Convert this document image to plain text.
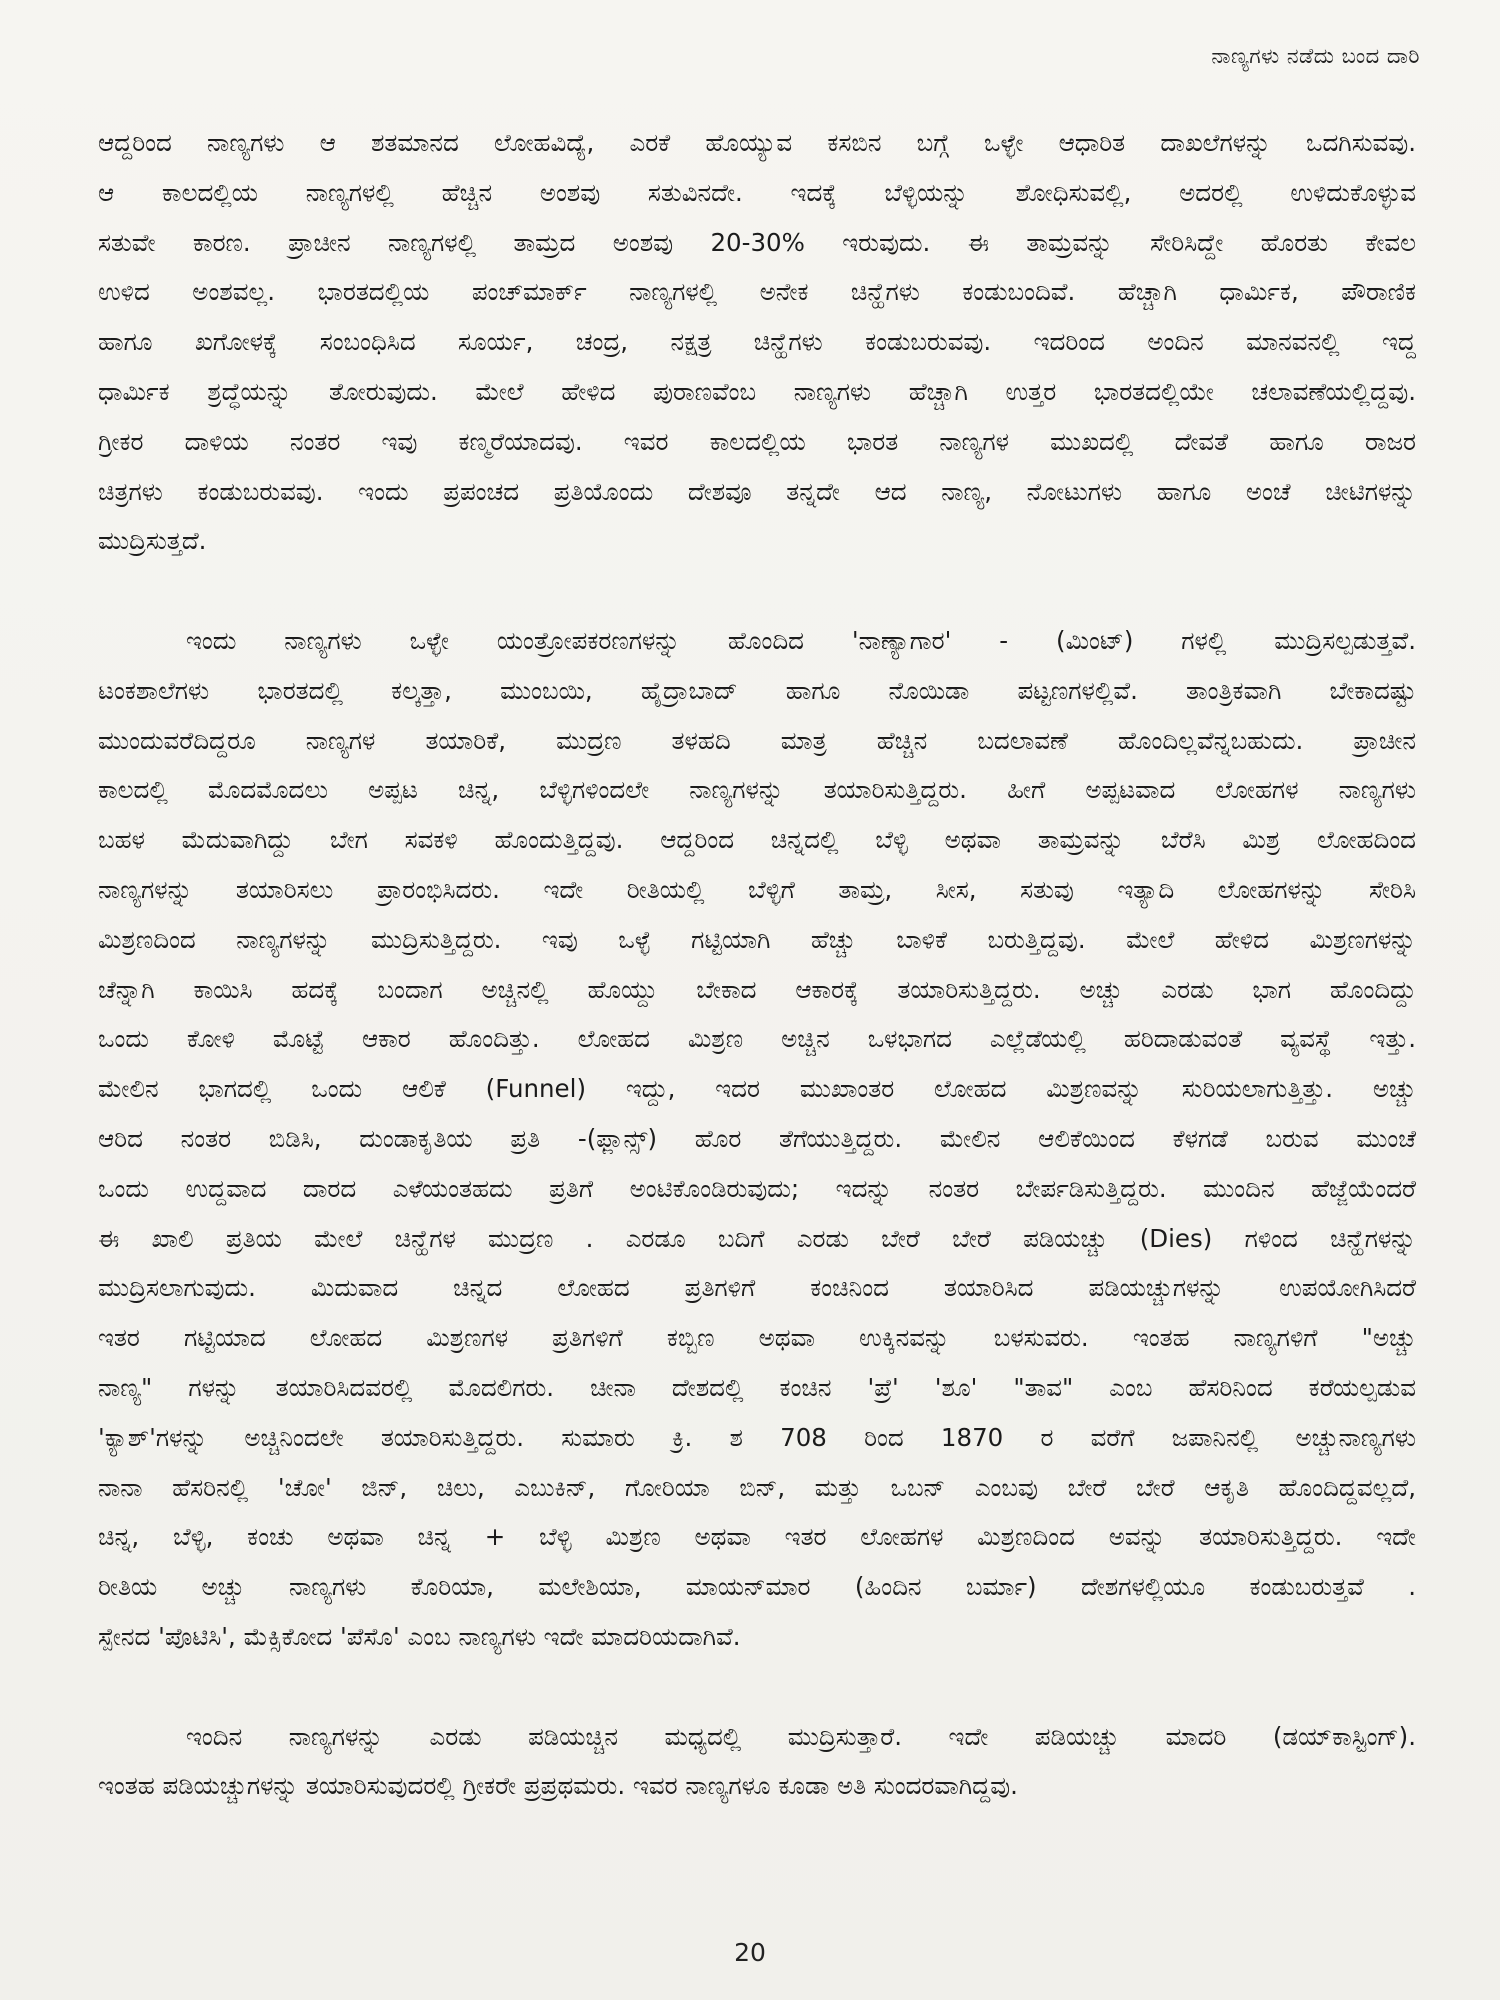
ನಾಣ್ಯಗಳು ನಡೆದು ಬಂದ ದಾರಿ
ಆದ್ದರಿಂದ ನಾಣ್ಯಗಳು ಆ ಶತಮಾನದ ಲೋಹವಿದ್ಯೆ, ಎರಕೆ ಹೊಯ್ಯುವ ಕಸಬಿನ ಬಗ್ಗೆ ಒಳ್ಳೇ ಆಧಾರಿತ ದಾಖಲೆಗಳನ್ನು ಒದಗಿಸುವವು.
ಆ ಕಾಲದಲ್ಲಿಯ ನಾಣ್ಯಗಳಲ್ಲಿ ಹೆಚ್ಚಿನ ಅಂಶವು ಸತುವಿನದೇ. ಇದಕ್ಕೆ ಬೆಳ್ಳಿಯನ್ನು ಶೋಧಿಸುವಲ್ಲಿ, ಅದರಲ್ಲಿ ಉಳಿದುಕೊಳ್ಳುವ
ಸತುವೇ ಕಾರಣ. ಪ್ರಾಚೀನ ನಾಣ್ಯಗಳಲ್ಲಿ ತಾಮ್ರದ ಅಂಶವು 20-30% ಇರುವುದು. ಈ ತಾಮ್ರವನ್ನು ಸೇರಿಸಿದ್ದೇ ಹೊರತು ಕೇವಲ
ಉಳಿದ ಅಂಶವಲ್ಲ. ಭಾರತದಲ್ಲಿಯ ಪಂಚ್‌ಮಾರ್ಕ್ ನಾಣ್ಯಗಳಲ್ಲಿ ಅನೇಕ ಚಿನ್ಹೆಗಳು ಕಂಡುಬಂದಿವೆ. ಹೆಚ್ಚಾಗಿ ಧಾರ್ಮಿಕ, ಪೌರಾಣಿಕ
ಹಾಗೂ ಖಗೋಳಕ್ಕೆ ಸಂಬಂಧಿಸಿದ ಸೂರ್ಯ, ಚಂದ್ರ, ನಕ್ಷತ್ರ ಚಿನ್ಹೆಗಳು ಕಂಡುಬರುವವು. ಇದರಿಂದ ಅಂದಿನ ಮಾನವನಲ್ಲಿ ಇದ್ದ
ಧಾರ್ಮಿಕ ಶ್ರದ್ಧೆಯನ್ನು ತೋರುವುದು. ಮೇಲೆ ಹೇಳಿದ ಪುರಾಣವೆಂಬ ನಾಣ್ಯಗಳು ಹೆಚ್ಚಾಗಿ ಉತ್ತರ ಭಾರತದಲ್ಲಿಯೇ ಚಲಾವಣೆಯಲ್ಲಿದ್ದವು.
ಗ್ರೀಕರ ದಾಳಿಯ ನಂತರ ಇವು ಕಣ್ಮರೆಯಾದವು. ಇವರ ಕಾಲದಲ್ಲಿಯ ಭಾರತ ನಾಣ್ಯಗಳ ಮುಖದಲ್ಲಿ ದೇವತೆ ಹಾಗೂ ರಾಜರ
ಚಿತ್ರಗಳು ಕಂಡುಬರುವವು. ಇಂದು ಪ್ರಪಂಚದ ಪ್ರತಿಯೊಂದು ದೇಶವೂ ತನ್ನದೇ ಆದ ನಾಣ್ಯ, ನೋಟುಗಳು ಹಾಗೂ ಅಂಚೆ ಚೀಟಿಗಳನ್ನು
ಮುದ್ರಿಸುತ್ತದೆ.
ಇಂದು ನಾಣ್ಯಗಳು ಒಳ್ಳೇ ಯಂತ್ರೋಪಕರಣಗಳನ್ನು ಹೊಂದಿದ 'ನಾಣ್ಯಾಗಾರ' - (ಮಿಂಟ್) ಗಳಲ್ಲಿ ಮುದ್ರಿಸಲ್ಪಡುತ್ತವೆ.
ಟಂಕಶಾಲೆಗಳು ಭಾರತದಲ್ಲಿ ಕಲ್ಕತ್ತಾ, ಮುಂಬಯಿ, ಹೈದ್ರಾಬಾದ್ ಹಾಗೂ ನೊಯಿಡಾ ಪಟ್ಟಣಗಳಲ್ಲಿವೆ. ತಾಂತ್ರಿಕವಾಗಿ ಬೇಕಾದಷ್ಟು
ಮುಂದುವರೆದಿದ್ದರೂ ನಾಣ್ಯಗಳ ತಯಾರಿಕೆ, ಮುದ್ರಣ ತಳಹದಿ ಮಾತ್ರ ಹೆಚ್ಚಿನ ಬದಲಾವಣೆ ಹೊಂದಿಲ್ಲವೆನ್ನಬಹುದು. ಪ್ರಾಚೀನ
ಕಾಲದಲ್ಲಿ ಮೊದಮೊದಲು ಅಪ್ಪಟ ಚಿನ್ನ, ಬೆಳ್ಳಿಗಳಿಂದಲೇ ನಾಣ್ಯಗಳನ್ನು ತಯಾರಿಸುತ್ತಿದ್ದರು. ಹೀಗೆ ಅಪ್ಪಟವಾದ ಲೋಹಗಳ ನಾಣ್ಯಗಳು
ಬಹಳ ಮೆದುವಾಗಿದ್ದು ಬೇಗ ಸವಕಳಿ ಹೊಂದುತ್ತಿದ್ದವು. ಆದ್ದರಿಂದ ಚಿನ್ನದಲ್ಲಿ ಬೆಳ್ಳಿ ಅಥವಾ ತಾಮ್ರವನ್ನು ಬೆರೆಸಿ ಮಿಶ್ರ ಲೋಹದಿಂದ
ನಾಣ್ಯಗಳನ್ನು ತಯಾರಿಸಲು ಪ್ರಾರಂಭಿಸಿದರು. ಇದೇ ರೀತಿಯಲ್ಲಿ ಬೆಳ್ಳಿಗೆ ತಾಮ್ರ, ಸೀಸ, ಸತುವು ಇತ್ಯಾದಿ ಲೋಹಗಳನ್ನು ಸೇರಿಸಿ
ಮಿಶ್ರಣದಿಂದ ನಾಣ್ಯಗಳನ್ನು ಮುದ್ರಿಸುತ್ತಿದ್ದರು. ಇವು ಒಳ್ಳೆ ಗಟ್ಟಿಯಾಗಿ ಹೆಚ್ಚು ಬಾಳಿಕೆ ಬರುತ್ತಿದ್ದವು. ಮೇಲೆ ಹೇಳಿದ ಮಿಶ್ರಣಗಳನ್ನು
ಚೆನ್ನಾಗಿ ಕಾಯಿಸಿ ಹದಕ್ಕೆ ಬಂದಾಗ ಅಚ್ಚಿನಲ್ಲಿ ಹೊಯ್ದು ಬೇಕಾದ ಆಕಾರಕ್ಕೆ ತಯಾರಿಸುತ್ತಿದ್ದರು. ಅಚ್ಚು ಎರಡು ಭಾಗ ಹೊಂದಿದ್ದು
ಒಂದು ಕೋಳಿ ಮೊಟ್ಟೆ ಆಕಾರ ಹೊಂದಿತ್ತು. ಲೋಹದ ಮಿಶ್ರಣ ಅಚ್ಚಿನ ಒಳಭಾಗದ ಎಲ್ಲೆಡೆಯಲ್ಲಿ ಹರಿದಾಡುವಂತೆ ವ್ಯವಸ್ಥೆ ಇತ್ತು.
ಮೇಲಿನ ಭಾಗದಲ್ಲಿ ಒಂದು ಆಲಿಕೆ (Funnel) ಇದ್ದು, ಇದರ ಮುಖಾಂತರ ಲೋಹದ ಮಿಶ್ರಣವನ್ನು ಸುರಿಯಲಾಗುತ್ತಿತ್ತು. ಅಚ್ಚು
ಆರಿದ ನಂತರ ಬಿಡಿಸಿ, ದುಂಡಾಕೃತಿಯ ಪ್ರತಿ -(ಫ್ಲಾನ್ಸ್) ಹೊರ ತೆಗೆಯುತ್ತಿದ್ದರು. ಮೇಲಿನ ಆಲಿಕೆಯಿಂದ ಕೆಳಗಡೆ ಬರುವ ಮುಂಚೆ
ಒಂದು ಉದ್ದವಾದ ದಾರದ ಎಳೆಯಂತಹದು ಪ್ರತಿಗೆ ಅಂಟಿಕೊಂಡಿರುವುದು; ಇದನ್ನು ನಂತರ ಬೇರ್ಪಡಿಸುತ್ತಿದ್ದರು. ಮುಂದಿನ ಹೆಜ್ಜೆಯೆಂದರೆ
ಈ ಖಾಲಿ ಪ್ರತಿಯ ಮೇಲೆ ಚಿನ್ಹೆಗಳ ಮುದ್ರಣ . ಎರಡೂ ಬದಿಗೆ ಎರಡು ಬೇರೆ ಬೇರೆ ಪಡಿಯಚ್ಚು (Dies) ಗಳಿಂದ ಚಿನ್ಹೆಗಳನ್ನು
ಮುದ್ರಿಸಲಾಗುವುದು. ಮಿದುವಾದ ಚಿನ್ನದ ಲೋಹದ ಪ್ರತಿಗಳಿಗೆ ಕಂಚಿನಿಂದ ತಯಾರಿಸಿದ ಪಡಿಯಚ್ಚುಗಳನ್ನು ಉಪಯೋಗಿಸಿದರೆ
ಇತರ ಗಟ್ಟಿಯಾದ ಲೋಹದ ಮಿಶ್ರಣಗಳ ಪ್ರತಿಗಳಿಗೆ ಕಬ್ಬಿಣ ಅಥವಾ ಉಕ್ಕಿನವನ್ನು ಬಳಸುವರು. ಇಂತಹ ನಾಣ್ಯಗಳಿಗೆ "ಅಚ್ಚು
ನಾಣ್ಯ" ಗಳನ್ನು ತಯಾರಿಸಿದವರಲ್ಲಿ ಮೊದಲಿಗರು. ಚೀನಾ ದೇಶದಲ್ಲಿ ಕಂಚಿನ 'ಪ್ರೆ' 'ಶೂ' "ತಾವ" ಎಂಬ ಹೆಸರಿನಿಂದ ಕರೆಯಲ್ಪಡುವ
'ಕ್ಯಾಶ್'ಗಳನ್ನು ಅಚ್ಚಿನಿಂದಲೇ ತಯಾರಿಸುತ್ತಿದ್ದರು. ಸುಮಾರು ಕ್ರಿ. ಶ 708 ರಿಂದ 1870 ರ ವರೆಗೆ ಜಪಾನಿನಲ್ಲಿ ಅಚ್ಚುನಾಣ್ಯಗಳು
ನಾನಾ ಹೆಸರಿನಲ್ಲಿ 'ಚೋ' ಜಿನ್, ಚಿಲು, ಎಬುಕಿನ್, ಗೋರಿಯಾ ಬಿನ್, ಮತ್ತು ಒಬನ್ ಎಂಬವು ಬೇರೆ ಬೇರೆ ಆಕೃತಿ ಹೊಂದಿದ್ದವಲ್ಲದೆ,
ಚಿನ್ನ, ಬೆಳ್ಳಿ, ಕಂಚು ಅಥವಾ ಚಿನ್ನ + ಬೆಳ್ಳಿ ಮಿಶ್ರಣ ಅಥವಾ ಇತರ ಲೋಹಗಳ ಮಿಶ್ರಣದಿಂದ ಅವನ್ನು ತಯಾರಿಸುತ್ತಿದ್ದರು. ಇದೇ
ರೀತಿಯ ಅಚ್ಚು ನಾಣ್ಯಗಳು ಕೊರಿಯಾ, ಮಲೇಶಿಯಾ, ಮಾಯನ್‌ಮಾರ (ಹಿಂದಿನ ಬರ್ಮಾ) ದೇಶಗಳಲ್ಲಿಯೂ ಕಂಡುಬರುತ್ತವೆ .
ಸ್ಪೇನದ 'ಪೊಟಿಸಿ', ಮೆಕ್ಸಿಕೋದ 'ಪೆಸೊ' ಎಂಬ ನಾಣ್ಯಗಳು ಇದೇ ಮಾದರಿಯದಾಗಿವೆ.
ಇಂದಿನ ನಾಣ್ಯಗಳನ್ನು ಎರಡು ಪಡಿಯಚ್ಚಿನ ಮಧ್ಯದಲ್ಲಿ ಮುದ್ರಿಸುತ್ತಾರೆ. ಇದೇ ಪಡಿಯಚ್ಚು ಮಾದರಿ (ಡಯ್‌ಕಾಸ್ಟಿಂಗ್).
ಇಂತಹ ಪಡಿಯಚ್ಚುಗಳನ್ನು ತಯಾರಿಸುವುದರಲ್ಲಿ ಗ್ರೀಕರೇ ಪ್ರಪ್ರಥಮರು. ಇವರ ನಾಣ್ಯಗಳೂ ಕೂಡಾ ಅತಿ ಸುಂದರವಾಗಿದ್ದವು.
20
